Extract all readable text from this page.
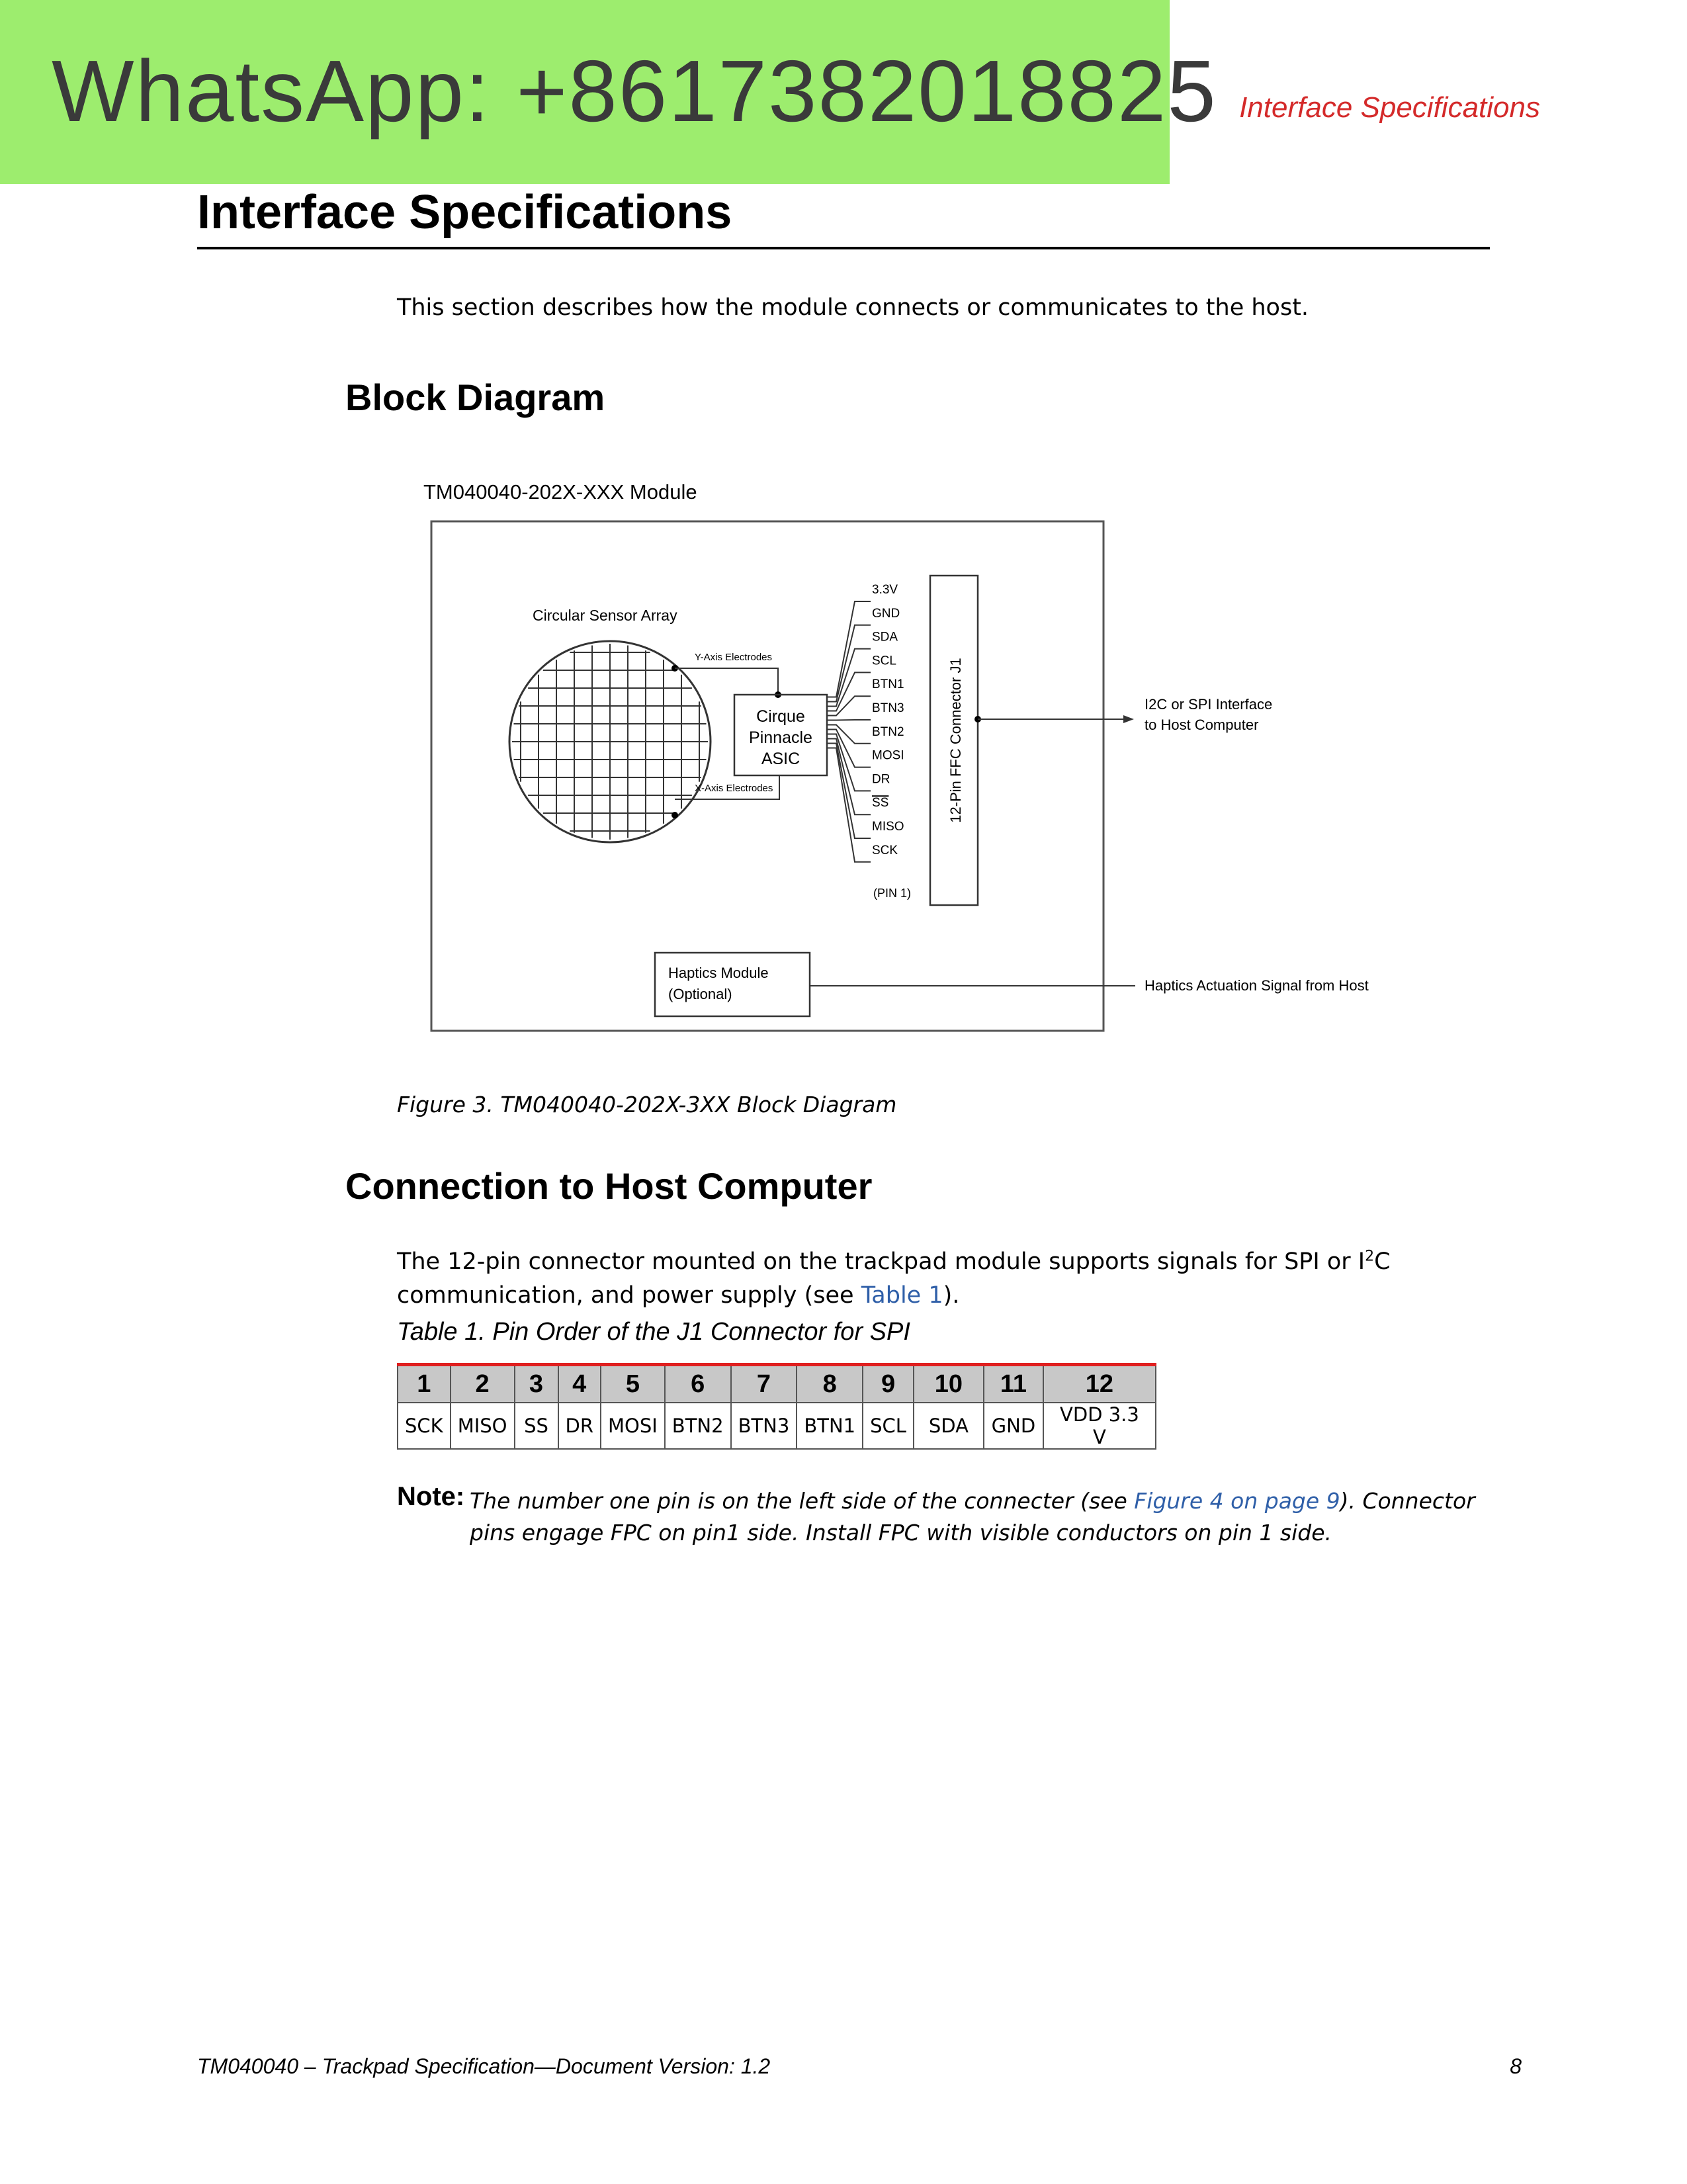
WhatsApp: +8617382018825 Interface Specifications
Interface Specifications
This section describes how the module connects or communicates to the host.
Block Diagram
TM040040-202X-XXX Module
Circular Sensor Array
Y-Axis Electrodes
X-Axis Electrodes
Cirque
Pinnacle
ASIC
3.3V
GND
SDA
SCL
BTN1
BTN3
BTN2
MOSI
DR
SS
MISO
SCK
(PIN 1)
12-Pin FFC Connector J1	I2C or SPI Interface
to Host Computer
Haptics Module
(Optional)
Haptics Actuation Signal from Host
Figure 3. TM040040-202X-3XX Block Diagram
Connection to Host Computer
The 12-pin connector mounted on the trackpad module supports signals for SPI or $I^2C$ communication, and power supply (see Table 1).
Table 1. Pin Order of the J1 Connector for SPI
1	2	3	4	5	6	7	8	9	10	11	12
SCK	MISO	SS	DR	MOSI	BTN2	BTN3	BTN1	SCL	SDA	GND	VDD 3.3 V
Note: The number one pin is on the left side of the connecter (see Figure 4 on page 9). Connector pins engage FPC on pin1 side. Install FPC with visible conductors on pin 1 side.
TM040040 – Trackpad Specification—Document Version: 1.2	8
